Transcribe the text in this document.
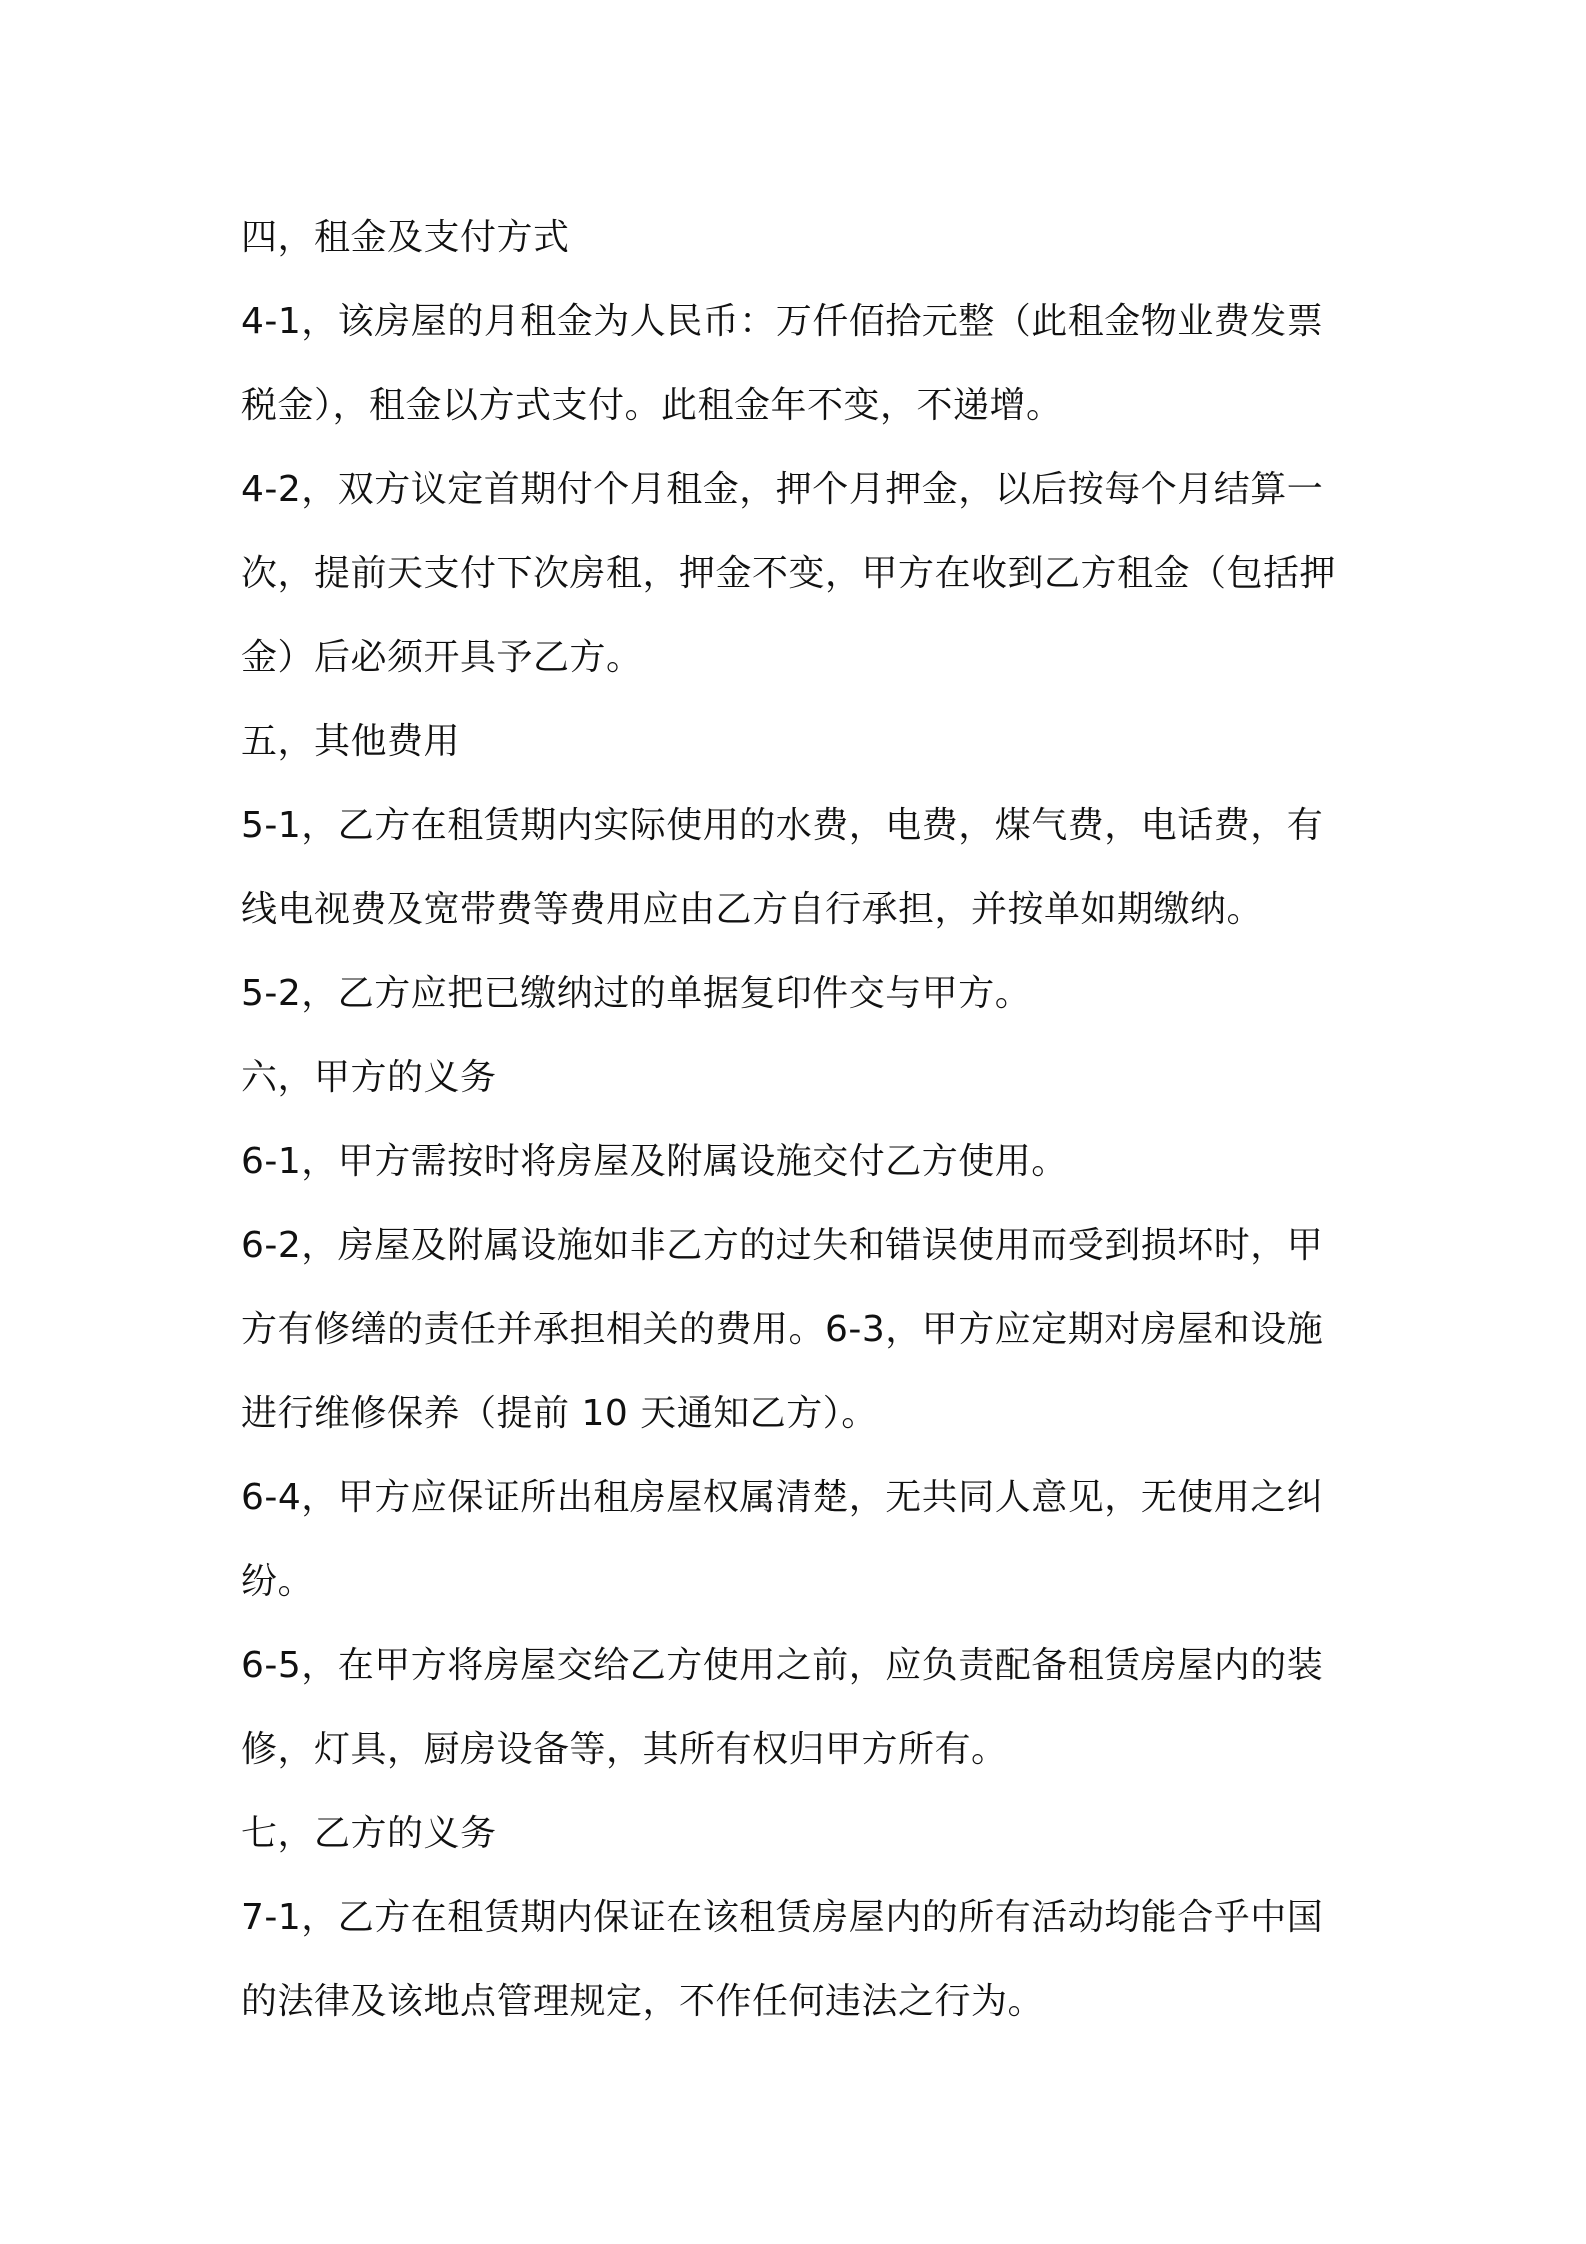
四，租金及支付方式
4-1，该房屋的月租金为人民币：万仟佰拾元整（此租金物业费发票
税金），租金以方式支付。此租金年不变，不递增。
4-2，双方议定首期付个月租金，押个月押金，以后按每个月结算一
次，提前天支付下次房租，押金不变，甲方在收到乙方租金（包括押
金）后必须开具予乙方。
五，其他费用
5-1，乙方在租赁期内实际使用的水费，电费，煤气费，电话费，有
线电视费及宽带费等费用应由乙方自行承担，并按单如期缴纳。
5-2，乙方应把已缴纳过的单据复印件交与甲方。
六，甲方的义务
6-1，甲方需按时将房屋及附属设施交付乙方使用。
6-2，房屋及附属设施如非乙方的过失和错误使用而受到损坏时，甲
方有修缮的责任并承担相关的费用。6-3，甲方应定期对房屋和设施
进行维修保养（提前 10 天通知乙方）。
6-4，甲方应保证所出租房屋权属清楚，无共同人意见，无使用之纠
纷。
6-5，在甲方将房屋交给乙方使用之前，应负责配备租赁房屋内的装
修，灯具，厨房设备等，其所有权归甲方所有。
七，乙方的义务
7-1，乙方在租赁期内保证在该租赁房屋内的所有活动均能合乎中国
的法律及该地点管理规定，不作任何违法之行为。
